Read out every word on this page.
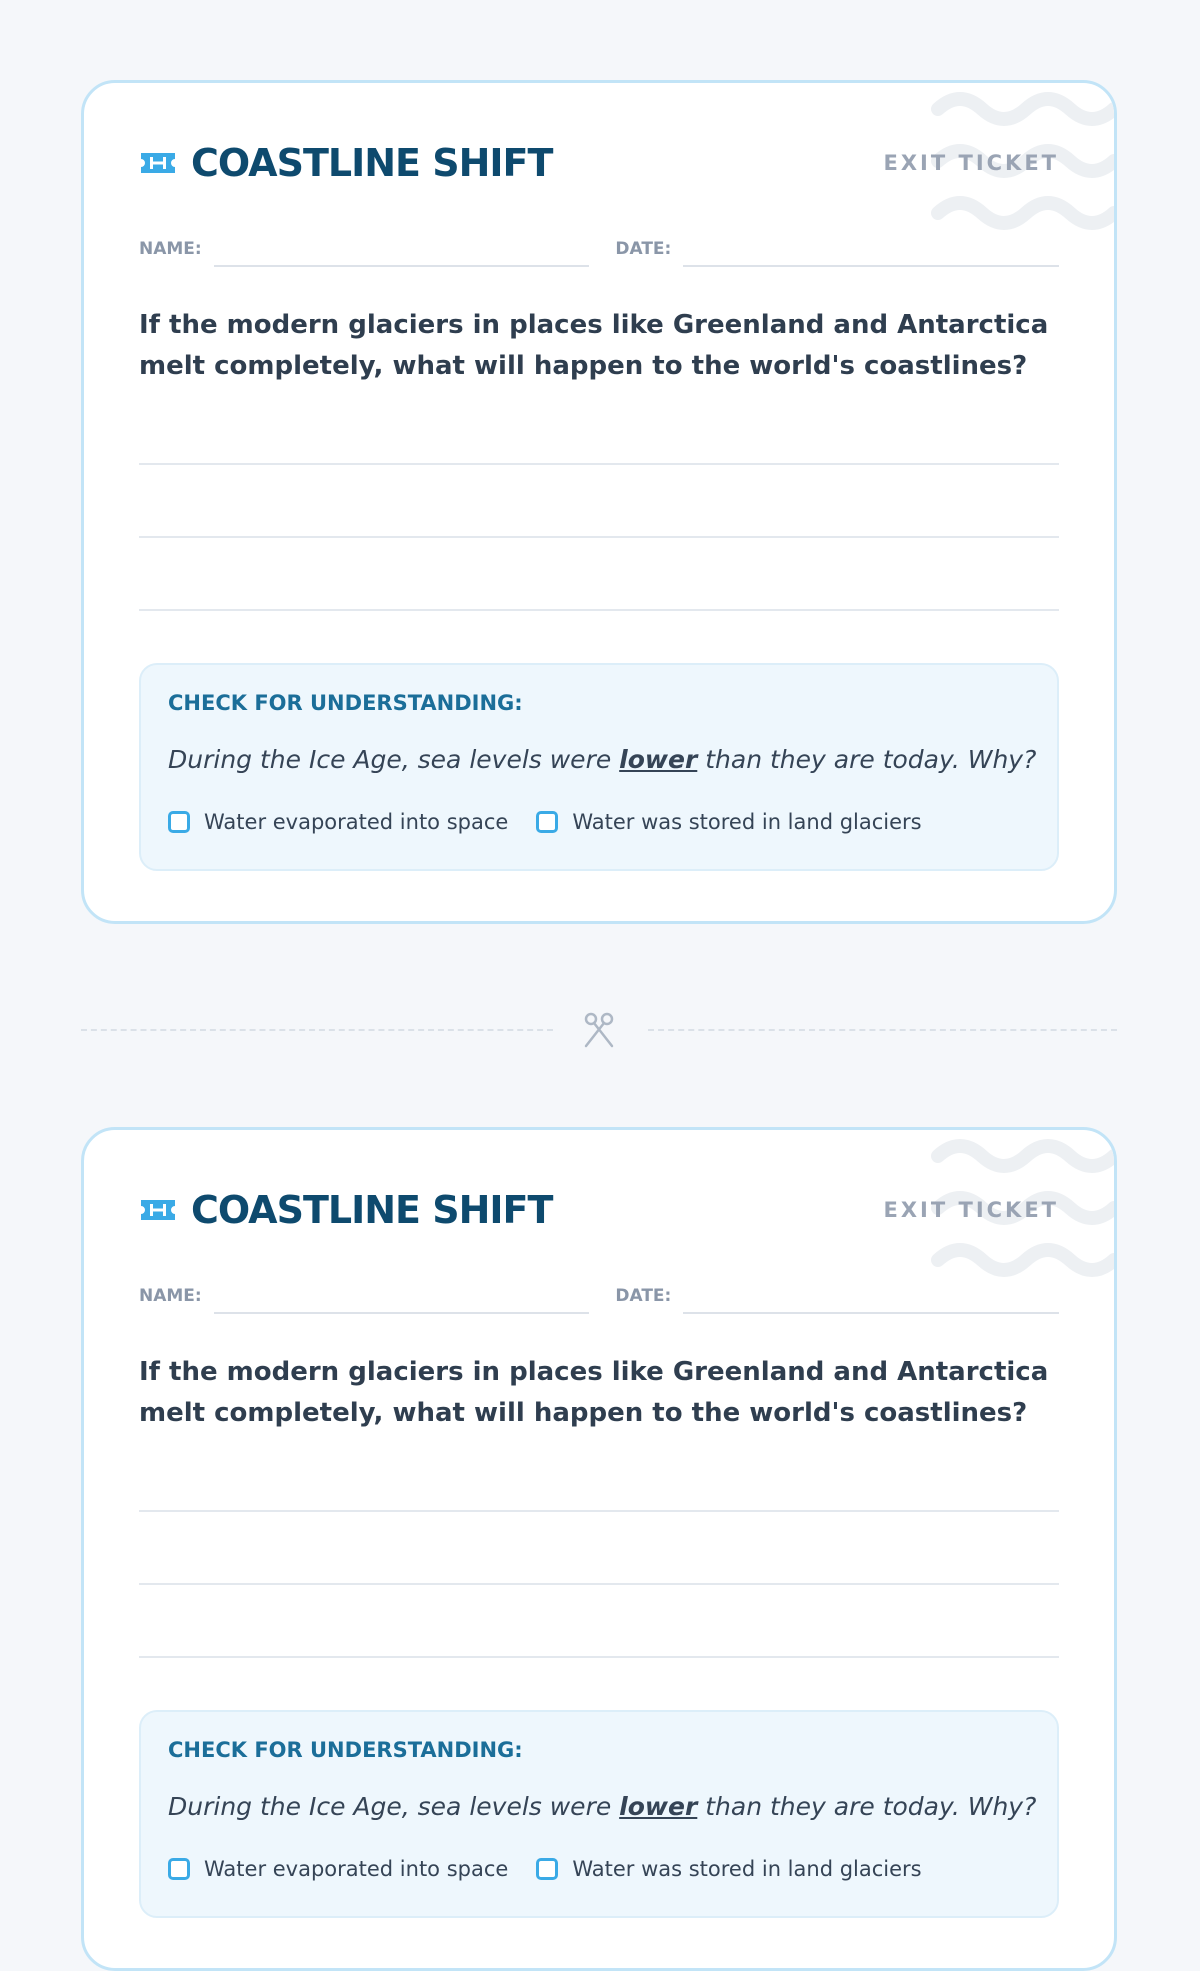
COASTLINE SHIFT	EXIT TICKET
NAME:	DATE:
If the modern glaciers in places like Greenland and Antarctica melt completely, what will happen to the world's coastlines?
CHECK FOR UNDERSTANDING:
During the Ice Age, sea levels were lower than they are today. Why?
Water evaporated into space	Water was stored in land glaciers
COASTLINE SHIFT	EXIT TICKET
NAME:	DATE:
If the modern glaciers in places like Greenland and Antarctica melt completely, what will happen to the world's coastlines?
CHECK FOR UNDERSTANDING:
During the Ice Age, sea levels were lower than they are today. Why?
Water evaporated into space	Water was stored in land glaciers
